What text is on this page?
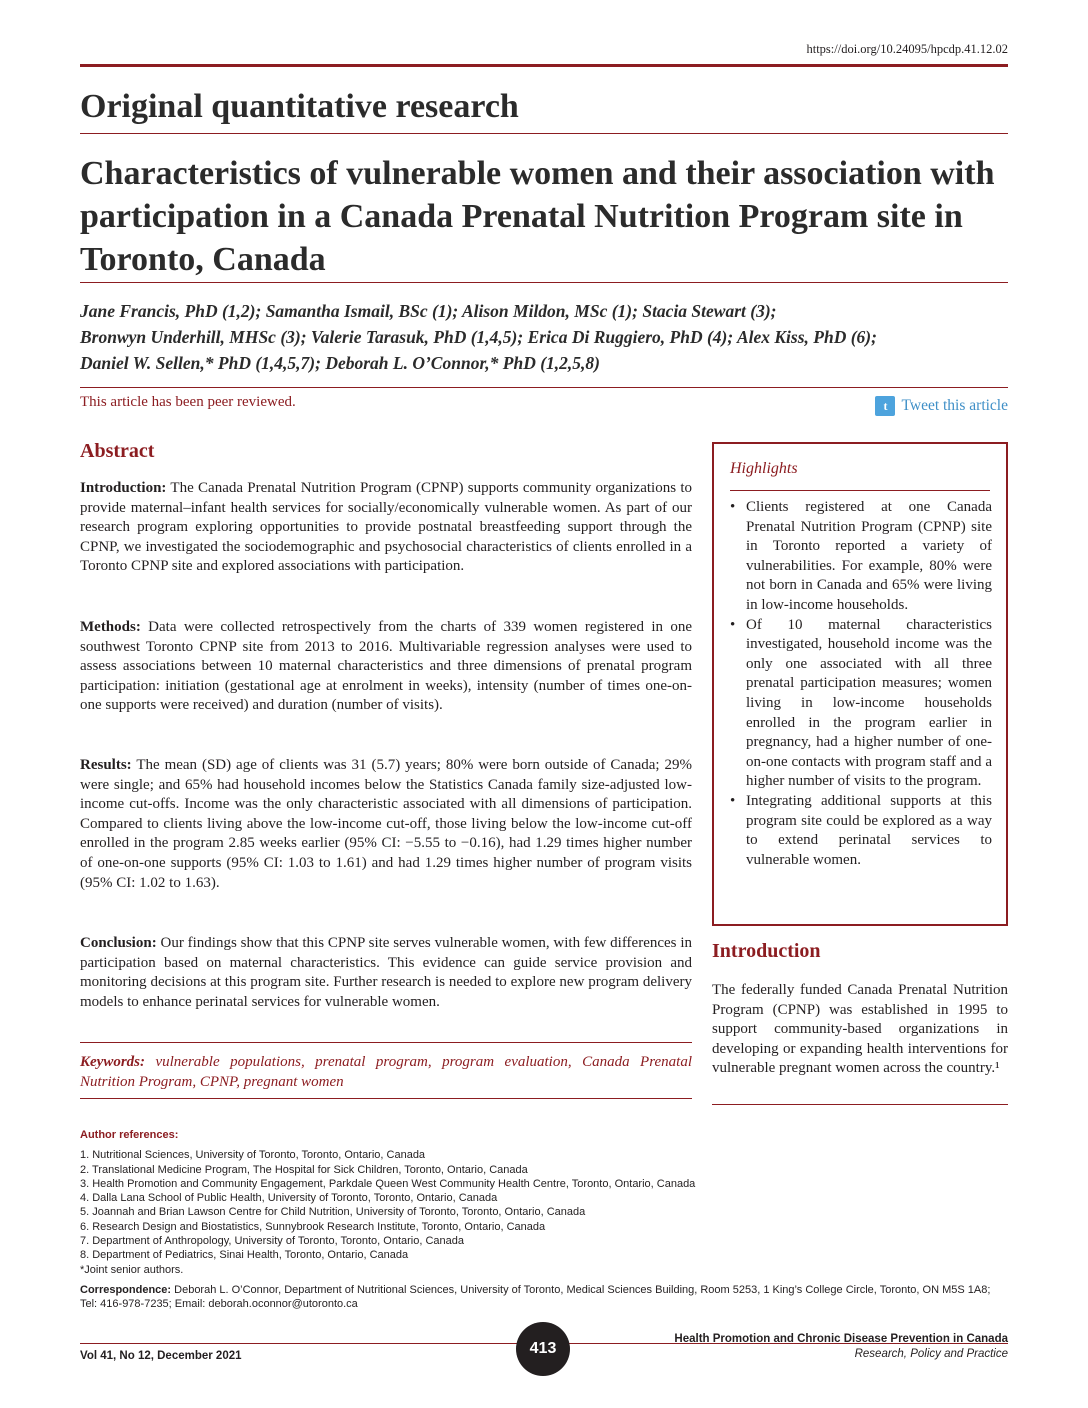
https://doi.org/10.24095/hpcdp.41.12.02
Original quantitative research
Characteristics of vulnerable women and their association with participation in a Canada Prenatal Nutrition Program site in Toronto, Canada
Jane Francis, PhD (1,2); Samantha Ismail, BSc (1); Alison Mildon, MSc (1); Stacia Stewart (3);
Bronwyn Underhill, MHSc (3); Valerie Tarasuk, PhD (1,4,5); Erica Di Ruggiero, PhD (4); Alex Kiss, PhD (6);
Daniel W. Sellen,* PhD (1,4,5,7); Deborah L. O’Connor,* PhD (1,2,5,8)
This article has been peer reviewed.	t Tweet this article
Abstract

Introduction: The Canada Prenatal Nutrition Program (CPNP) supports community organizations to provide maternal–infant health services for socially/economically vulnerable women. As part of our research program exploring opportunities to provide postnatal breastfeeding support through the CPNP, we investigated the sociodemographic and psychosocial characteristics of clients enrolled in a Toronto CPNP site and explored associations with participation.

Methods: Data were collected retrospectively from the charts of 339 women registered in one southwest Toronto CPNP site from 2013 to 2016. Multivariable regression analyses were used to assess associations between 10 maternal characteristics and three dimensions of prenatal program participation: initiation (gestational age at enrolment in weeks), intensity (number of times one-on-one supports were received) and duration (number of visits).

Results: The mean (SD) age of clients was 31 (5.7) years; 80% were born outside of Canada; 29% were single; and 65% had household incomes below the Statistics Canada family size-adjusted low-income cut-offs. Income was the only characteristic associated with all dimensions of participation. Compared to clients living above the low-income cut-off, those living below the low-income cut-off enrolled in the program 2.85 weeks earlier (95% CI: −5.55 to −0.16), had 1.29 times higher number of one-on-one supports (95% CI: 1.03 to 1.61) and had 1.29 times higher number of program visits (95% CI: 1.02 to 1.63).

Conclusion: Our findings show that this CPNP site serves vulnerable women, with few differences in participation based on maternal characteristics. This evidence can guide service provision and monitoring decisions at this program site. Further research is needed to explore new program delivery models to enhance perinatal services for vulnerable women.

Keywords: vulnerable populations, prenatal program, program evaluation, Canada Prenatal Nutrition Program, CPNP, pregnant women
Highlights
• Clients registered at one Canada Prenatal Nutrition Program (CPNP) site in Toronto reported a variety of vulnerabilities. For example, 80% were not born in Canada and 65% were living in low-income households.
• Of 10 maternal characteristics investigated, household income was the only one associated with all three prenatal participation measures; women living in low-income households enrolled in the program earlier in pregnancy, had a higher number of one-on-one contacts with program staff and a higher number of visits to the program.
• Integrating additional supports at this program site could be explored as a way to extend perinatal services to vulnerable women.
Introduction

The federally funded Canada Prenatal Nutrition Program (CPNP) was established in 1995 to support community-based organizations in developing or expanding health interventions for vulnerable pregnant women across the country.¹

Author references:
1. Nutritional Sciences, University of Toronto, Toronto, Ontario, Canada
2. Translational Medicine Program, The Hospital for Sick Children, Toronto, Ontario, Canada
3. Health Promotion and Community Engagement, Parkdale Queen West Community Health Centre, Toronto, Ontario, Canada
4. Dalla Lana School of Public Health, University of Toronto, Toronto, Ontario, Canada
5. Joannah and Brian Lawson Centre for Child Nutrition, University of Toronto, Toronto, Ontario, Canada
6. Research Design and Biostatistics, Sunnybrook Research Institute, Toronto, Ontario, Canada
7. Department of Anthropology, University of Toronto, Toronto, Ontario, Canada
8. Department of Pediatrics, Sinai Health, Toronto, Ontario, Canada
*Joint senior authors.
Correspondence: Deborah L. O’Connor, Department of Nutritional Sciences, University of Toronto, Medical Sciences Building, Room 5253, 1 King’s College Circle, Toronto, ON M5S 1A8; Tel: 416-978-7235; Email: deborah.oconnor@utoronto.ca
Vol 41, No 12, December 2021	413
Health Promotion and Chronic Disease Prevention in Canada
Research, Policy and Practice
